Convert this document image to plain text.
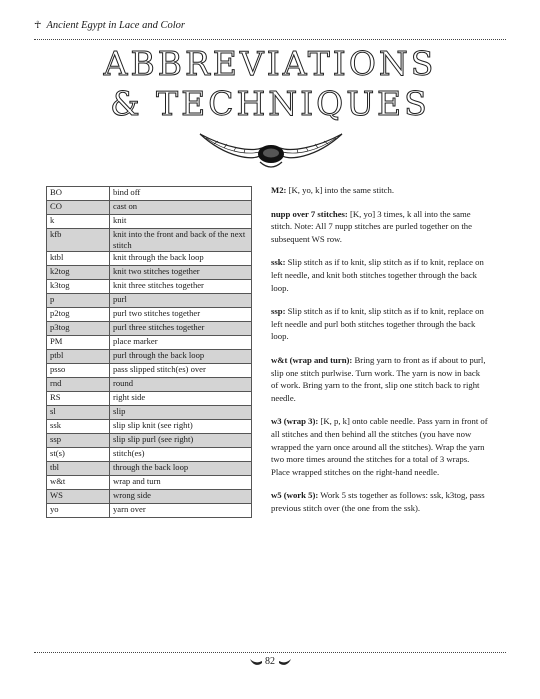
☥ Ancient Egypt in Lace and Color
ABBREVIATIONS
& TECHNIQUES
BO	bind off
CO	cast on
k	knit
kfb	knit into the front and back of the next stitch
ktbl	knit through the back loop
k2tog	knit two stitches together
k3tog	knit three stitches together
p	purl
p2tog	purl two stitches together
p3tog	purl three stitches together
PM	place marker
ptbl	purl through the back loop
psso	pass slipped stitch(es) over
rnd	round
RS	right side
sl	slip
ssk	slip slip knit (see right)
ssp	slip slip purl (see right)
st(s)	stitch(es)
tbl	through the back loop
w&t	wrap and turn
WS	wrong side
yo	yarn over

M2: [K, yo, k] into the same stitch.

nupp over 7 stitches: [K, yo] 3 times, k all into the same stitch. Note: All 7 nupp stitches are purled together on the subsequent WS row.

ssk: Slip stitch as if to knit, slip stitch as if to knit, replace on left needle, and knit both stitches together through the back loop.

ssp: Slip stitch as if to knit, slip stitch as if to knit, replace on left needle and purl both stitches together through the back loop.

w&t (wrap and turn): Bring yarn to front as if about to purl, slip one stitch purlwise. Turn work. The yarn is now in back of work. Bring yarn to the front, slip one stitch back to right needle.

w3 (wrap 3): [K, p, k] onto cable needle. Pass yarn in front of all stitches and then behind all the stitches (you have now wrapped the yarn once around all the stitches). Wrap the yarn two more times around the stitches for a total of 3 wraps. Place wrapped stitches on the right-hand needle.

w5 (work 5): Work 5 sts together as follows: ssk, k3tog, pass previous stitch over (the one from the ssk).

82
